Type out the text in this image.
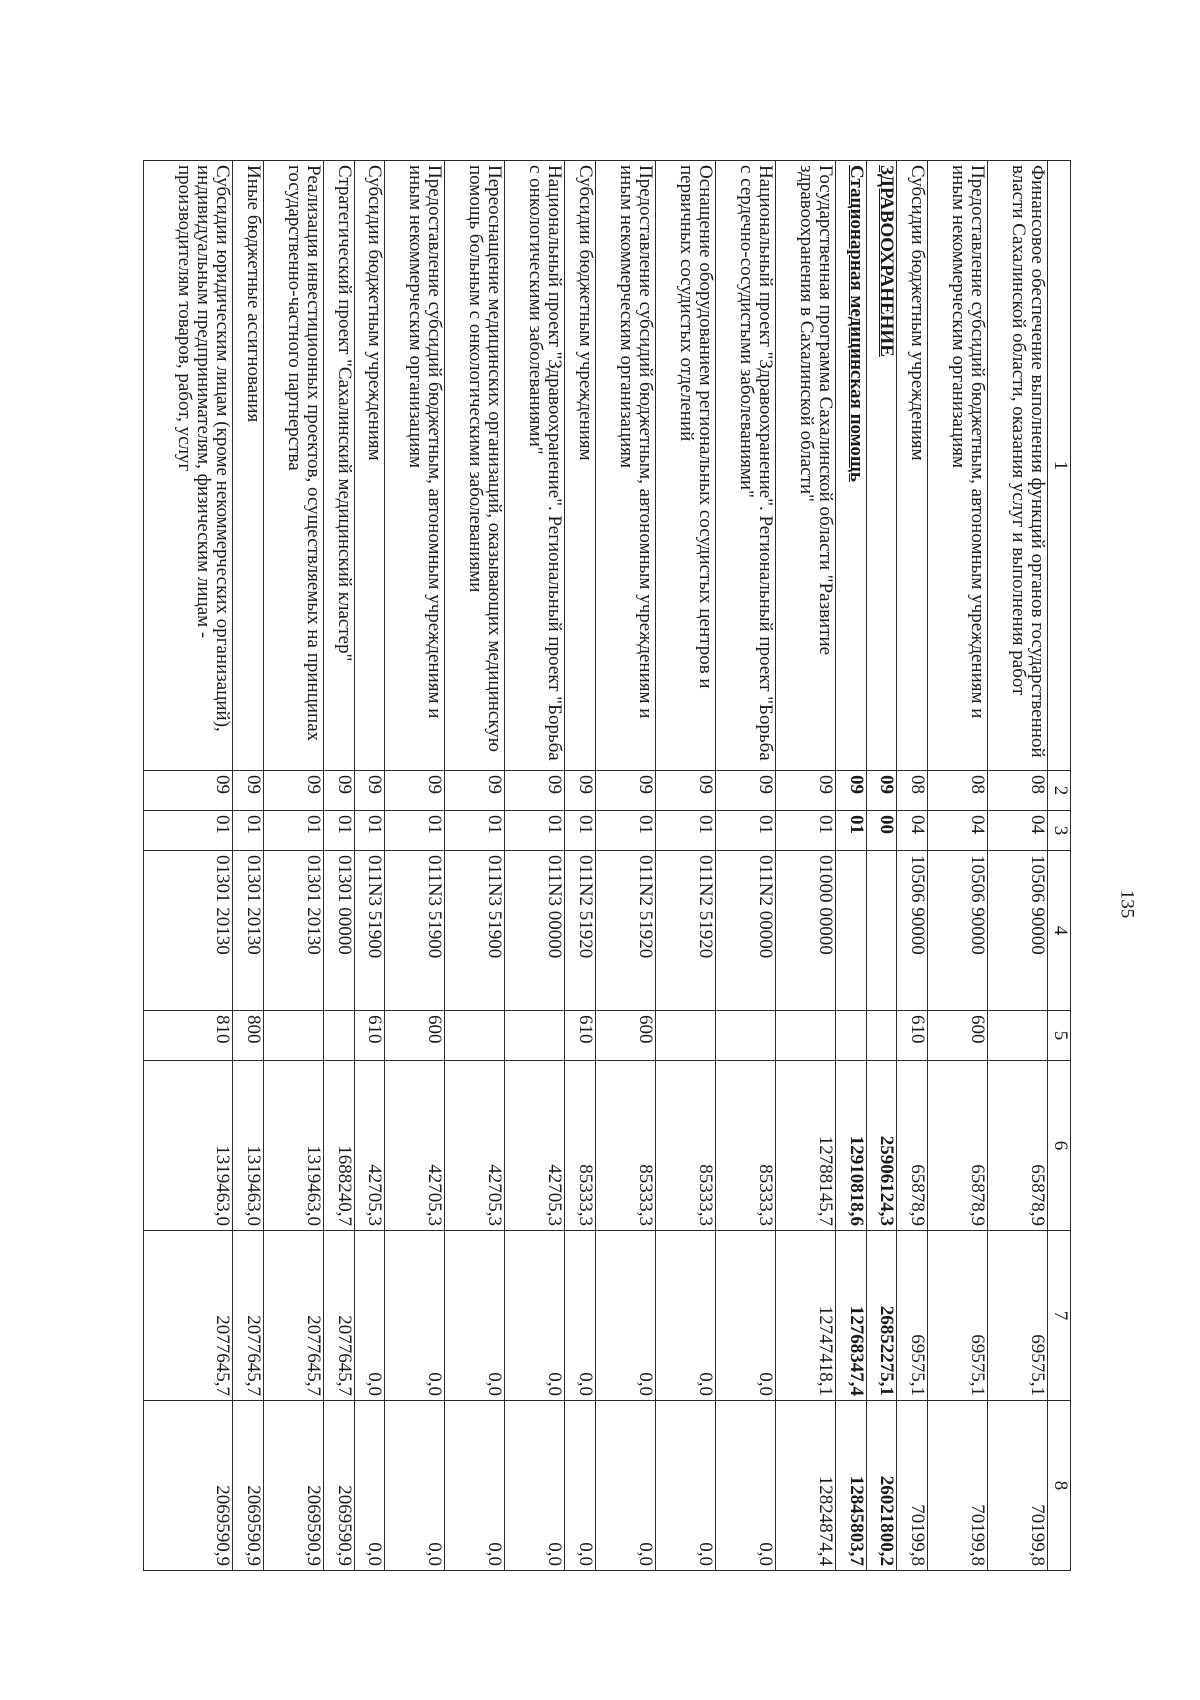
135
1	2	3	4	5	6	7	8
Финансовое обеспечение выполнения функций органов государственной власти Сахалинской области, оказания услуг и выполнения работ	08	04	10506 90000		65878,9	69575,1	70199,8
Предоставление субсидий бюджетным, автономным учреждениям и иным некоммерческим организациям	08	04	10506 90000	600	65878,9	69575,1	70199,8
Субсидии бюджетным учреждениям	08	04	10506 90000	610	65878,9	69575,1	70199,8
ЗДРАВООХРАНЕНИЕ	09	00			25906124,3	26852275,1	26021800,2
Стационарная медицинская помощь	09	01			12910818,6	12768347,4	12845803,7
Государственная программа Сахалинской области "Развитие здравоохранения в Сахалинской области"	09	01	01000 00000		12788145,7	12747418,1	12824874,4
Национальный проект "Здравоохранение". Региональный проект "Борьба с сердечно-сосудистыми заболеваниями"	09	01	011N2 00000		85333,3	0,0	0,0
Оснащение оборудованием региональных сосудистых центров и первичных сосудистых отделений	09	01	011N2 51920		85333,3	0,0	0,0
Предоставление субсидий бюджетным, автономным учреждениям и иным некоммерческим организациям	09	01	011N2 51920	600	85333,3	0,0	0,0
Субсидии бюджетным учреждениям	09	01	011N2 51920	610	85333,3	0,0	0,0
Национальный проект "Здравоохранение". Региональный проект "Борьба с онкологическими заболеваниями"	09	01	011N3 00000		42705,3	0,0	0,0
Переоснащение медицинских организаций, оказывающих медицинскую помощь больным с онкологическими заболеваниями	09	01	011N3 51900		42705,3	0,0	0,0
Предоставление субсидий бюджетным, автономным учреждениям и иным некоммерческим организациям	09	01	011N3 51900	600	42705,3	0,0	0,0
Субсидии бюджетным учреждениям	09	01	011N3 51900	610	42705,3	0,0	0,0
Стратегический проект "Сахалинский медицинский кластер"	09	01	01301 00000		1688240,7	2077645,7	2069590,9
Реализация инвестиционных проектов, осуществляемых на принципах государственно-частного партнерства	09	01	01301 20130		1319463,0	2077645,7	2069590,9
Иные бюджетные ассигнования	09	01	01301 20130	800	1319463,0	2077645,7	2069590,9
Субсидии юридическим лицам (кроме некоммерческих организаций), индивидуальным предпринимателям, физическим лицам - производителям товаров, работ, услуг	09	01	01301 20130	810	1319463,0	2077645,7	2069590,9
